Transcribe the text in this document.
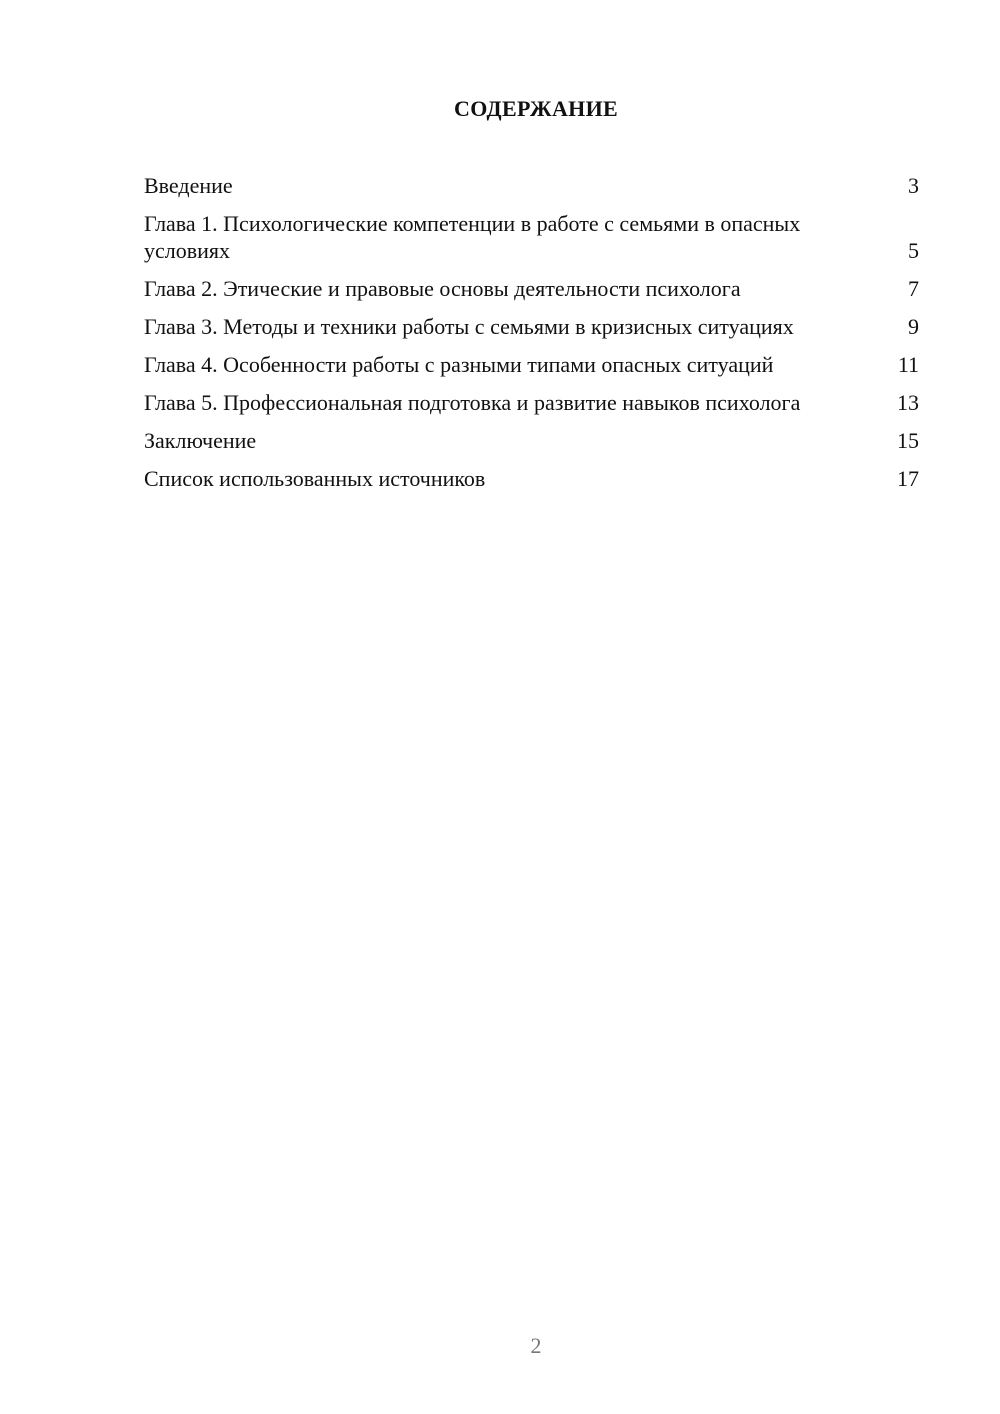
СОДЕРЖАНИЕ
Введение	3
Глава 1. Психологические компетенции в работе с семьями в опасных условиях	5
Глава 2. Этические и правовые основы деятельности психолога	7
Глава 3. Методы и техники работы с семьями в кризисных ситуациях	9
Глава 4. Особенности работы с разными типами опасных ситуаций	11
Глава 5. Профессиональная подготовка и развитие навыков психолога	13
Заключение	15
Список использованных источников	17
2
